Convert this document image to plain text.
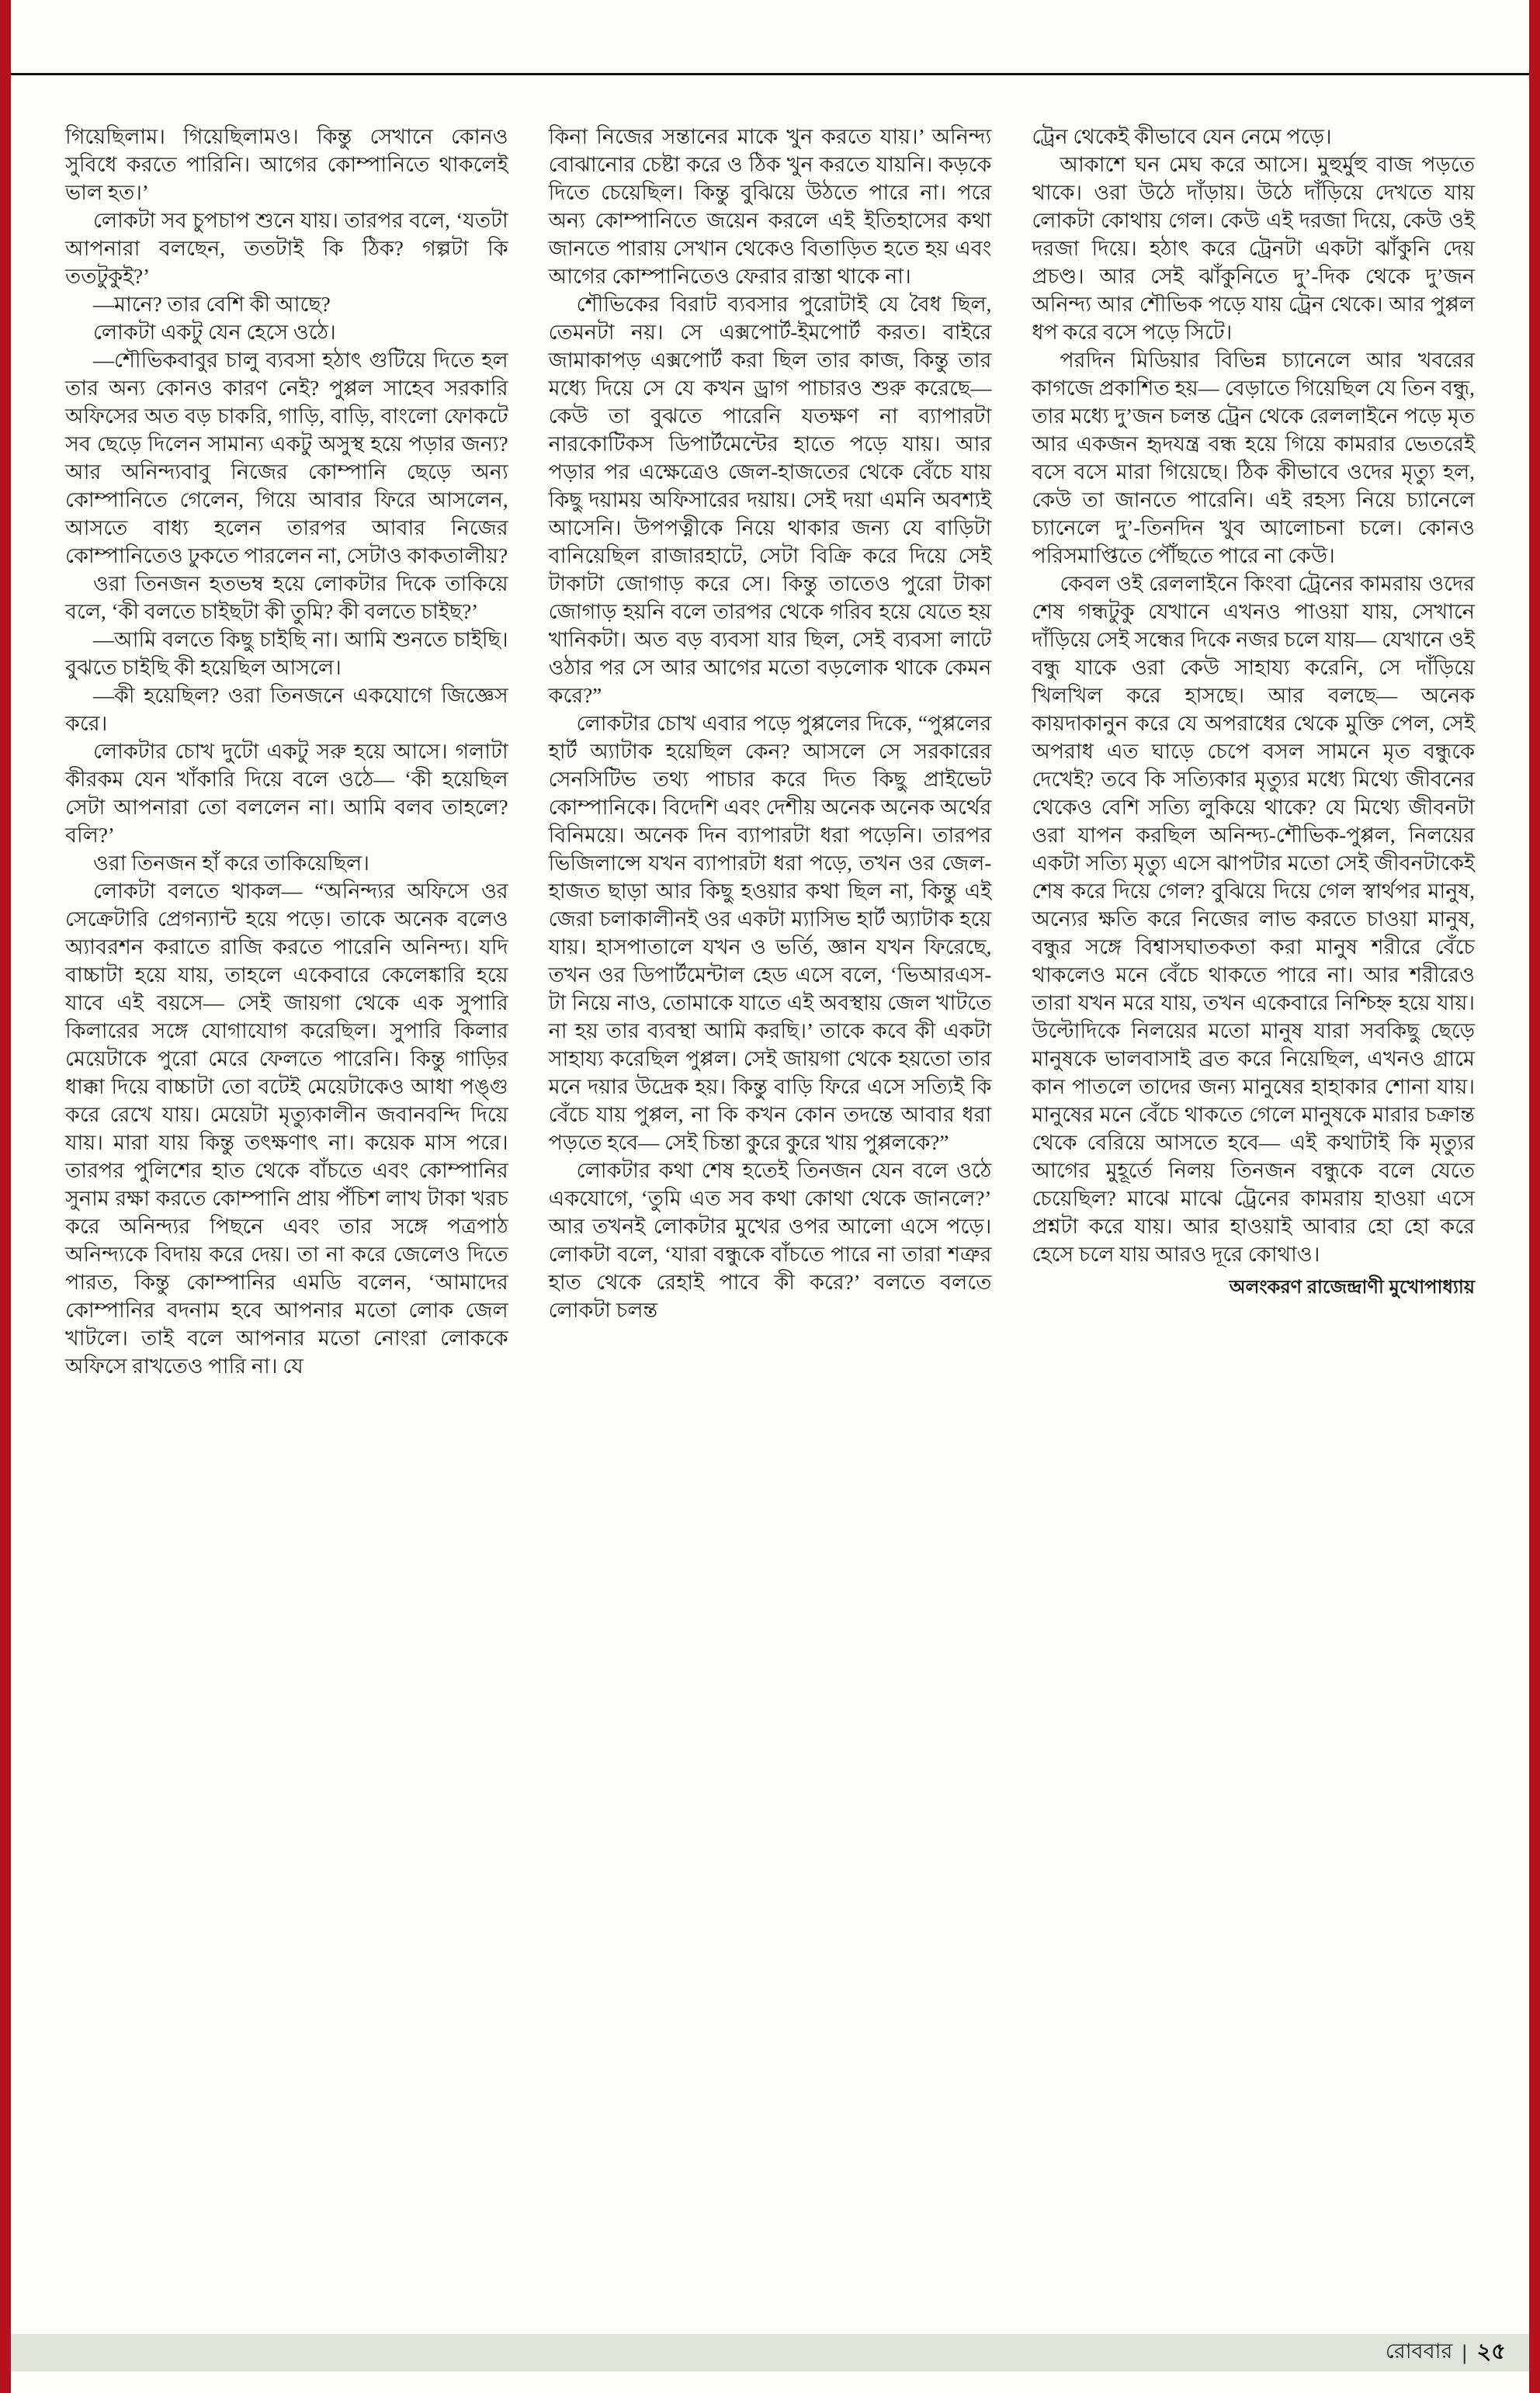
গিয়েছিলাম। গিয়েছিলামও। কিন্তু সেখানে কোনও সুবিধে করতে পারিনি। আগের কোম্পানিতে থাকলেই ভাল হত।’

লোকটা সব চুপচাপ শুনে যায়। তারপর বলে, ‘যতটা আপনারা বলছেন, ততটাই কি ঠিক? গল্পটা কি ততটুকুই?’

—মানে? তার বেশি কী আছে?

লোকটা একটু যেন হেসে ওঠে।

—শৌভিকবাবুর চালু ব্যবসা হঠাৎ গুটিয়ে দিতে হল তার অন্য কোনও কারণ নেই? পুপ্পল সাহেব সরকারি অফিসের অত বড় চাকরি, গাড়ি, বাড়ি, বাংলো ফোকটে সব ছেড়ে দিলেন সামান্য একটু অসুস্থ হয়ে পড়ার জন্য? আর অনিন্দ্যবাবু নিজের কোম্পানি ছেড়ে অন্য কোম্পানিতে গেলেন, গিয়ে আবার ফিরে আসলেন, আসতে বাধ্য হলেন তারপর আবার নিজের কোম্পানিতেও ঢুকতে পারলেন না, সেটাও কাকতালীয়?

ওরা তিনজন হতভম্ব হয়ে লোকটার দিকে তাকিয়ে বলে, ‘কী বলতে চাইছটা কী তুমি? কী বলতে চাইছ?’

—আমি বলতে কিছু চাইছি না। আমি শুনতে চাইছি। বুঝতে চাইছি কী হয়েছিল আসলে।

—কী হয়েছিল? ওরা তিনজনে একযোগে জিজ্ঞেস করে।

লোকটার চোখ দুটো একটু সরু হয়ে আসে। গলাটা কীরকম যেন খাঁকারি দিয়ে বলে ওঠে— ‘কী হয়েছিল সেটা আপনারা তো বললেন না। আমি বলব তাহলে? বলি?’

ওরা তিনজন হাঁ করে তাকিয়েছিল।

লোকটা বলতে থাকল— “অনিন্দ্যর অফিসে ওর সেক্রেটারি প্রেগন্যান্ট হয়ে পড়ে। তাকে অনেক বলেও অ্যাবরশন করাতে রাজি করতে পারেনি অনিন্দ্য। যদি বাচ্চাটা হয়ে যায়, তাহলে একেবারে কেলেঙ্কারি হয়ে যাবে এই বয়সে— সেই জায়গা থেকে এক সুপারি কিলারের সঙ্গে যোগাযোগ করেছিল। সুপারি কিলার মেয়েটাকে পুরো মেরে ফেলতে পারেনি। কিন্তু গাড়ির ধাক্কা দিয়ে বাচ্চাটা তো বটেই মেয়েটাকেও আধা পঙ্গু করে রেখে যায়। মেয়েটা মৃত্যুকালীন জবানবন্দি দিয়ে যায়। মারা যায় কিন্তু তৎক্ষণাৎ না। কয়েক মাস পরে। তারপর পুলিশের হাত থেকে বাঁচতে এবং কোম্পানির সুনাম রক্ষা করতে কোম্পানি প্রায় পঁচিশ লাখ টাকা খরচ করে অনিন্দ্যর পিছনে এবং তার সঙ্গে পত্রপাঠ অনিন্দ্যকে বিদায় করে দেয়। তা না করে জেলেও দিতে পারত, কিন্তু কোম্পানির এমডি বলেন, ‘আমাদের কোম্পানির বদনাম হবে আপনার মতো লোক জেল খাটলে। তাই বলে আপনার মতো নোংরা লোককে অফিসে রাখতেও পারি না। যে

কিনা নিজের সন্তানের মাকে খুন করতে যায়।’ অনিন্দ্য বোঝানোর চেষ্টা করে ও ঠিক খুন করতে যায়নি। কড়কে দিতে চেয়েছিল। কিন্তু বুঝিয়ে উঠতে পারে না। পরে অন্য কোম্পানিতে জয়েন করলে এই ইতিহাসের কথা জানতে পারায় সেখান থেকেও বিতাড়িত হতে হয় এবং আগের কোম্পানিতেও ফেরার রাস্তা থাকে না।

শৌভিকের বিরাট ব্যবসার পুরোটাই যে বৈধ ছিল, তেমনটা নয়। সে এক্সপোর্ট-ইমপোর্ট করত। বাইরে জামাকাপড় এক্সপোর্ট করা ছিল তার কাজ, কিন্তু তার মধ্যে দিয়ে সে যে কখন ড্রাগ পাচারও শুরু করেছে— কেউ তা বুঝতে পারেনি যতক্ষণ না ব্যাপারটা নারকোটিকস ডিপার্টমেন্টের হাতে পড়ে যায়। আর পড়ার পর এক্ষেত্রেও জেল-হাজতের থেকে বেঁচে যায় কিছু দয়াময় অফিসারের দয়ায়। সেই দয়া এমনি অবশ্যই আসেনি। উপপত্নীকে নিয়ে থাকার জন্য যে বাড়িটা বানিয়েছিল রাজারহাটে, সেটা বিক্রি করে দিয়ে সেই টাকাটা জোগাড় করে সে। কিন্তু তাতেও পুরো টাকা জোগাড় হয়নি বলে তারপর থেকে গরিব হয়ে যেতে হয় খানিকটা। অত বড় ব্যবসা যার ছিল, সেই ব্যবসা লাটে ওঠার পর সে আর আগের মতো বড়লোক থাকে কেমন করে?”

লোকটার চোখ এবার পড়ে পুপ্পলের দিকে, “পুপ্পলের হার্ট অ্যাটাক হয়েছিল কেন? আসলে সে সরকারের সেনসিটিভ তথ্য পাচার করে দিত কিছু প্রাইভেট কোম্পানিকে। বিদেশি এবং দেশীয় অনেক অনেক অর্থের বিনিময়ে। অনেক দিন ব্যাপারটা ধরা পড়েনি। তারপর ভিজিলান্সে যখন ব্যাপারটা ধরা পড়ে, তখন ওর জেল-হাজত ছাড়া আর কিছু হওয়ার কথা ছিল না, কিন্তু এই জেরা চলাকালীনই ওর একটা ম্যাসিভ হার্ট অ্যাটাক হয়ে যায়। হাসপাতালে যখন ও ভর্তি, জ্ঞান যখন ফিরেছে, তখন ওর ডিপার্টমেন্টাল হেড এসে বলে, ‘ভিআরএস-টা নিয়ে নাও, তোমাকে যাতে এই অবস্থায় জেল খাটতে না হয় তার ব্যবস্থা আমি করছি।’ তাকে কবে কী একটা সাহায্য করেছিল পুপ্পল। সেই জায়গা থেকে হয়তো তার মনে দয়ার উদ্রেক হয়। কিন্তু বাড়ি ফিরে এসে সত্যিই কি বেঁচে যায় পুপ্পল, না কি কখন কোন তদন্তে আবার ধরা পড়তে হবে— সেই চিন্তা কুরে কুরে খায় পুপ্পলকে?”

লোকটার কথা শেষ হতেই তিনজন যেন বলে ওঠে একযোগে, ‘তুমি এত সব কথা কোথা থেকে জানলে?’ আর তখনই লোকটার মুখের ওপর আলো এসে পড়ে। লোকটা বলে, ‘যারা বন্ধুকে বাঁচতে পারে না তারা শত্রুর হাত থেকে রেহাই পাবে কী করে?’ বলতে বলতে লোকটা চলন্ত

ট্রেন থেকেই কীভাবে যেন নেমে পড়ে।

আকাশে ঘন মেঘ করে আসে। মুহুর্মুহু বাজ পড়তে থাকে। ওরা উঠে দাঁড়ায়। উঠে দাঁড়িয়ে দেখতে যায় লোকটা কোথায় গেল। কেউ এই দরজা দিয়ে, কেউ ওই দরজা দিয়ে। হঠাৎ করে ট্রেনটা একটা ঝাঁকুনি দেয় প্রচণ্ড। আর সেই ঝাঁকুনিতে দু’-দিক থেকে দু’জন অনিন্দ্য আর শৌভিক পড়ে যায় ট্রেন থেকে। আর পুপ্পল ধপ করে বসে পড়ে সিটে।

পরদিন মিডিয়ার বিভিন্ন চ্যানেলে আর খবরের কাগজে প্রকাশিত হয়— বেড়াতে গিয়েছিল যে তিন বন্ধু, তার মধ্যে দু’জন চলন্ত ট্রেন থেকে রেললাইনে পড়ে মৃত আর একজন হৃদযন্ত্র বন্ধ হয়ে গিয়ে কামরার ভেতরেই বসে বসে মারা গিয়েছে। ঠিক কীভাবে ওদের মৃত্যু হল, কেউ তা জানতে পারেনি। এই রহস্য নিয়ে চ্যানেলে চ্যানেলে দু’-তিনদিন খুব আলোচনা চলে। কোনও পরিসমাপ্তিতে পৌঁছতে পারে না কেউ।

কেবল ওই রেললাইনে কিংবা ট্রেনের কামরায় ওদের শেষ গন্ধটুকু যেখানে এখনও পাওয়া যায়, সেখানে দাঁড়িয়ে সেই সন্ধের দিকে নজর চলে যায়— যেখানে ওই বন্ধু যাকে ওরা কেউ সাহায্য করেনি, সে দাঁড়িয়ে খিলখিল করে হাসছে। আর বলছে— অনেক কায়দাকানুন করে যে অপরাধের থেকে মুক্তি পেল, সেই অপরাধ এত ঘাড়ে চেপে বসল সামনে মৃত বন্ধুকে দেখেই? তবে কি সত্যিকার মৃত্যুর মধ্যে মিথ্যে জীবনের থেকেও বেশি সত্যি লুকিয়ে থাকে? যে মিথ্যে জীবনটা ওরা যাপন করছিল অনিন্দ্য-শৌভিক-পুপ্পল, নিলয়ের একটা সত্যি মৃত্যু এসে ঝাপটার মতো সেই জীবনটাকেই শেষ করে দিয়ে গেল? বুঝিয়ে দিয়ে গেল স্বার্থপর মানুষ, অন্যের ক্ষতি করে নিজের লাভ করতে চাওয়া মানুষ, বন্ধুর সঙ্গে বিশ্বাসঘাতকতা করা মানুষ শরীরে বেঁচে থাকলেও মনে বেঁচে থাকতে পারে না। আর শরীরেও তারা যখন মরে যায়, তখন একেবারে নিশ্চিহ্ন হয়ে যায়। উল্টোদিকে নিলয়ের মতো মানুষ যারা সবকিছু ছেড়ে মানুষকে ভালবাসাই ব্রত করে নিয়েছিল, এখনও গ্রামে কান পাতলে তাদের জন্য মানুষের হাহাকার শোনা যায়। মানুষের মনে বেঁচে থাকতে গেলে মানুষকে মারার চক্রান্ত থেকে বেরিয়ে আসতে হবে— এই কথাটাই কি মৃত্যুর আগের মুহূর্তে নিলয় তিনজন বন্ধুকে বলে যেতে চেয়েছিল? মাঝে মাঝে ট্রেনের কামরায় হাওয়া এসে প্রশ্নটা করে যায়। আর হাওয়াই আবার হো হো করে হেসে চলে যায় আরও দূরে কোথাও।

অলংকরণ রাজেন্দ্রাণী মুখোপাধ্যায়
রোববার | ২৫
